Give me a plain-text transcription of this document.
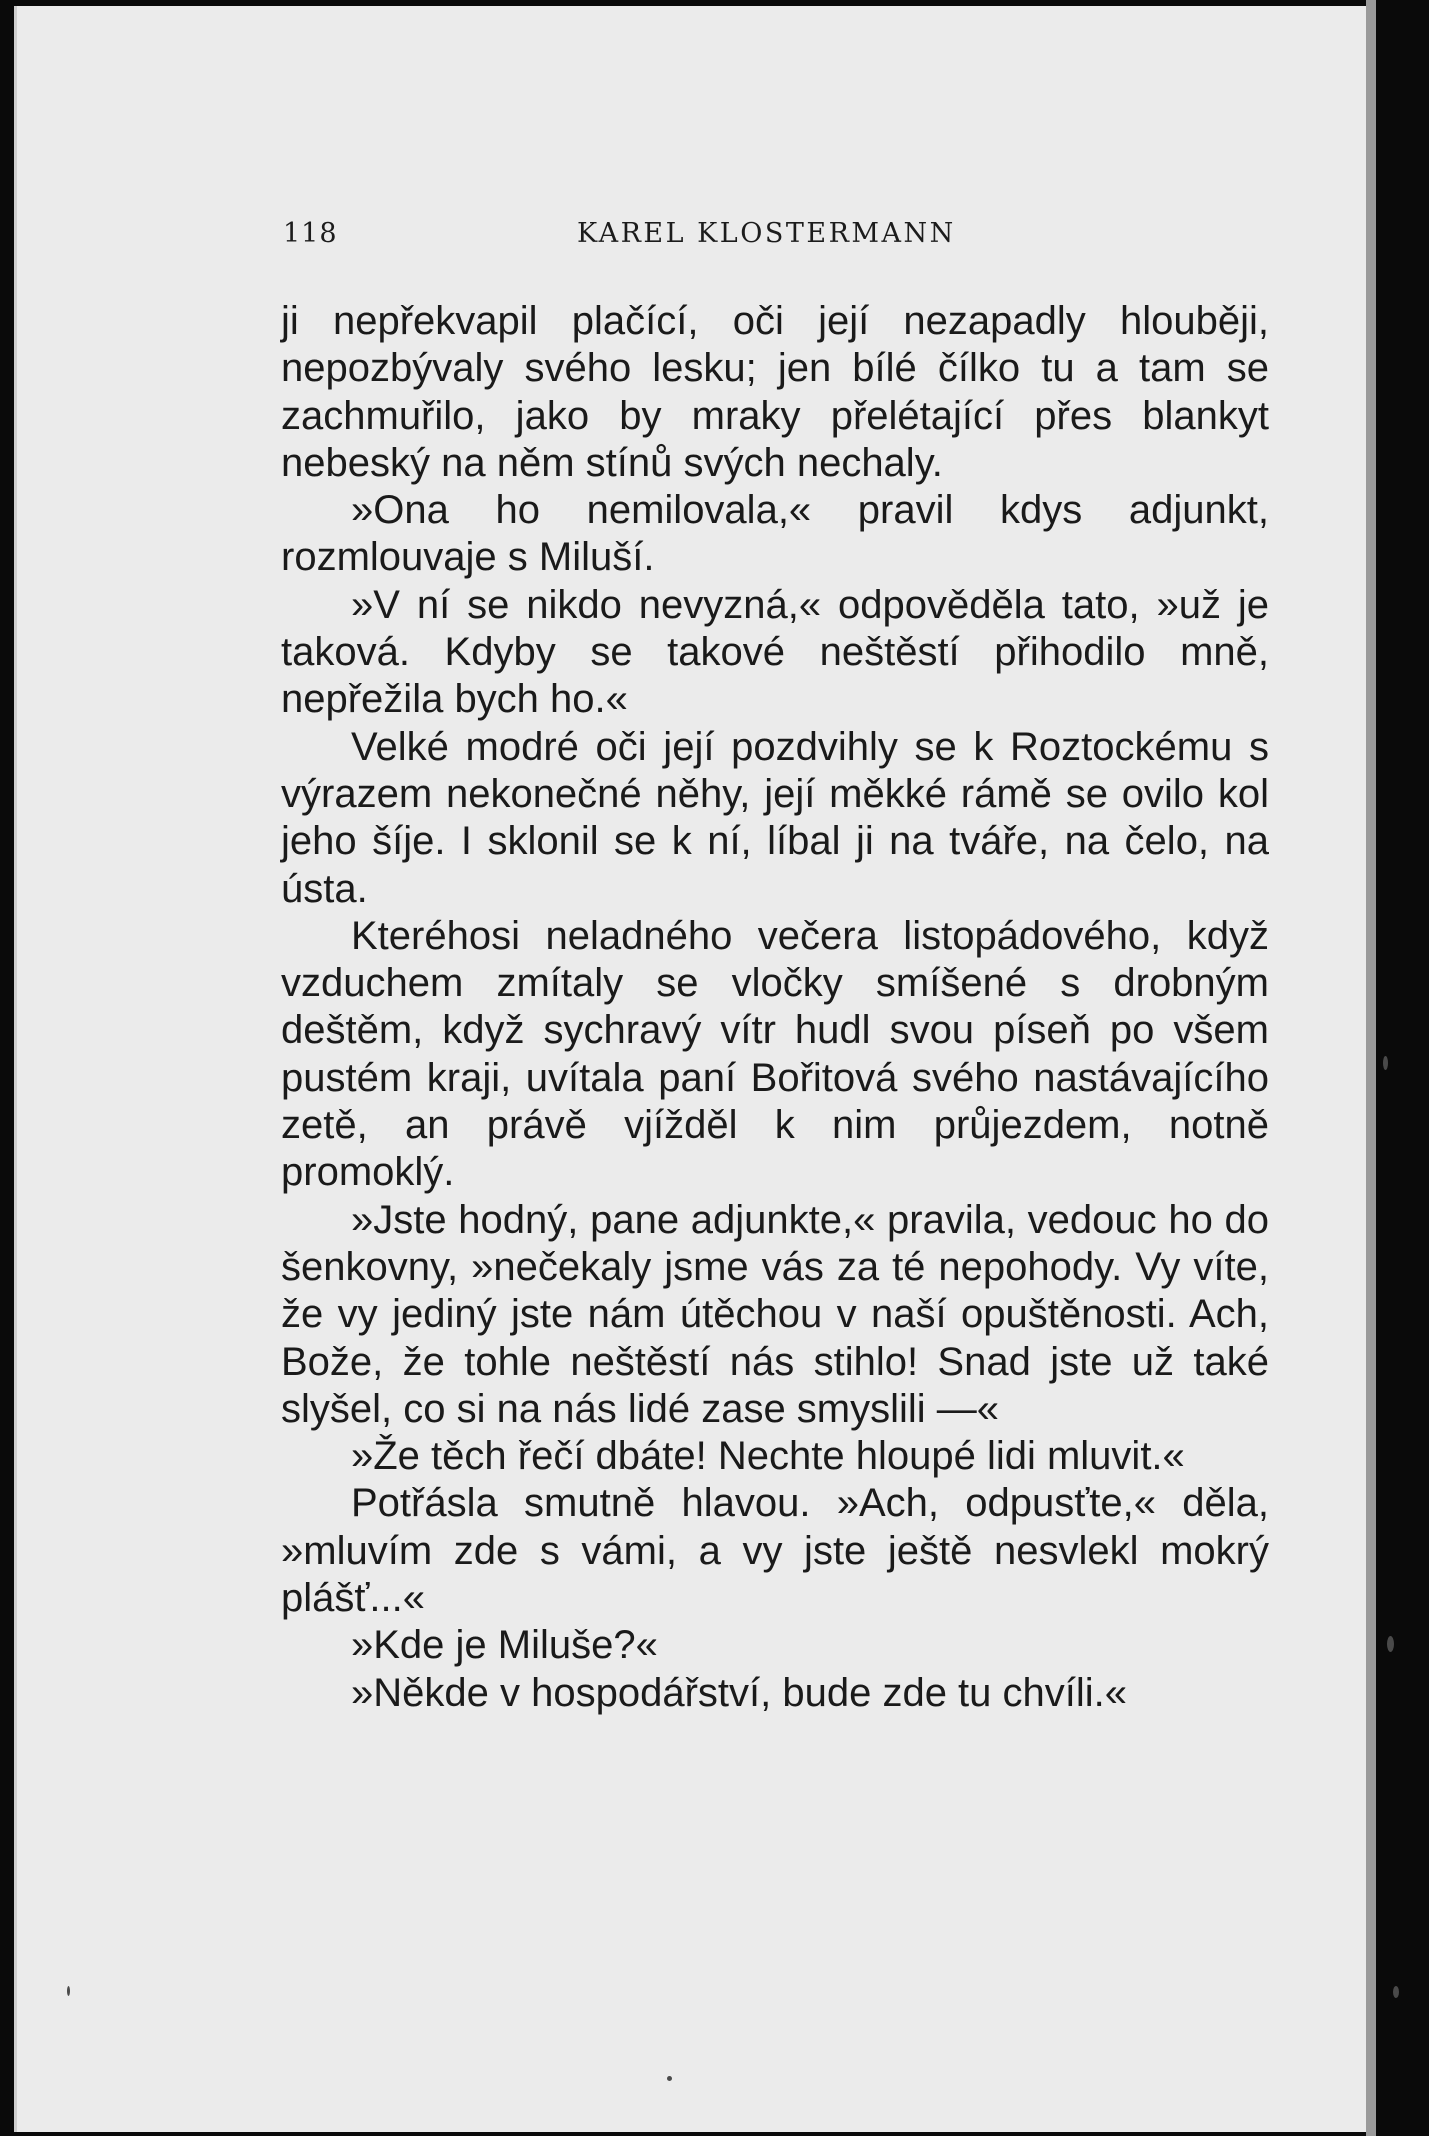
118	KAREL KLOSTERMANN

ji nepřekvapil plačící, oči její nezapadly hlouběji, nepozbývaly svého lesku; jen bílé čílko tu a tam se zachmuřilo, jako by mraky přelétající přes blankyt nebeský na něm stínů svých nechaly.

»Ona ho nemilovala,« pravil kdys adjunkt, rozmlouvaje s Miluší.

»V ní se nikdo nevyzná,« odpověděla tato, »už je taková. Kdyby se takové neštěstí přihodilo mně, nepřežila bych ho.«

Velké modré oči její pozdvihly se k Roztockému s výrazem nekonečné něhy, její měkké rámě se ovilo kol jeho šíje. I sklonil se k ní, líbal ji na tváře, na čelo, na ústa.

Kteréhosi neladného večera listopádového, když vzduchem zmítaly se vločky smíšené s drobným deštěm, když sychravý vítr hudl svou píseň po všem pustém kraji, uvítala paní Bořitová svého nastávajícího zetě, an právě vjížděl k nim průjezdem, notně promoklý.

»Jste hodný, pane adjunkte,« pravila, vedouc ho do šenkovny, »nečekaly jsme vás za té nepohody. Vy víte, že vy jediný jste nám útěchou v naší opuštěnosti. Ach, Bože, že tohle neštěstí nás stihlo! Snad jste už také slyšel, co si na nás lidé zase smyslili —«

»Že těch řečí dbáte! Nechte hloupé lidi mluvit.«

Potřásla smutně hlavou. »Ach, odpusťte,« děla, »mluvím zde s vámi, a vy jste ještě nesvlekl mokrý plášť...«

»Kde je Miluše?«

»Někde v hospodářství, bude zde tu chvíli.«
